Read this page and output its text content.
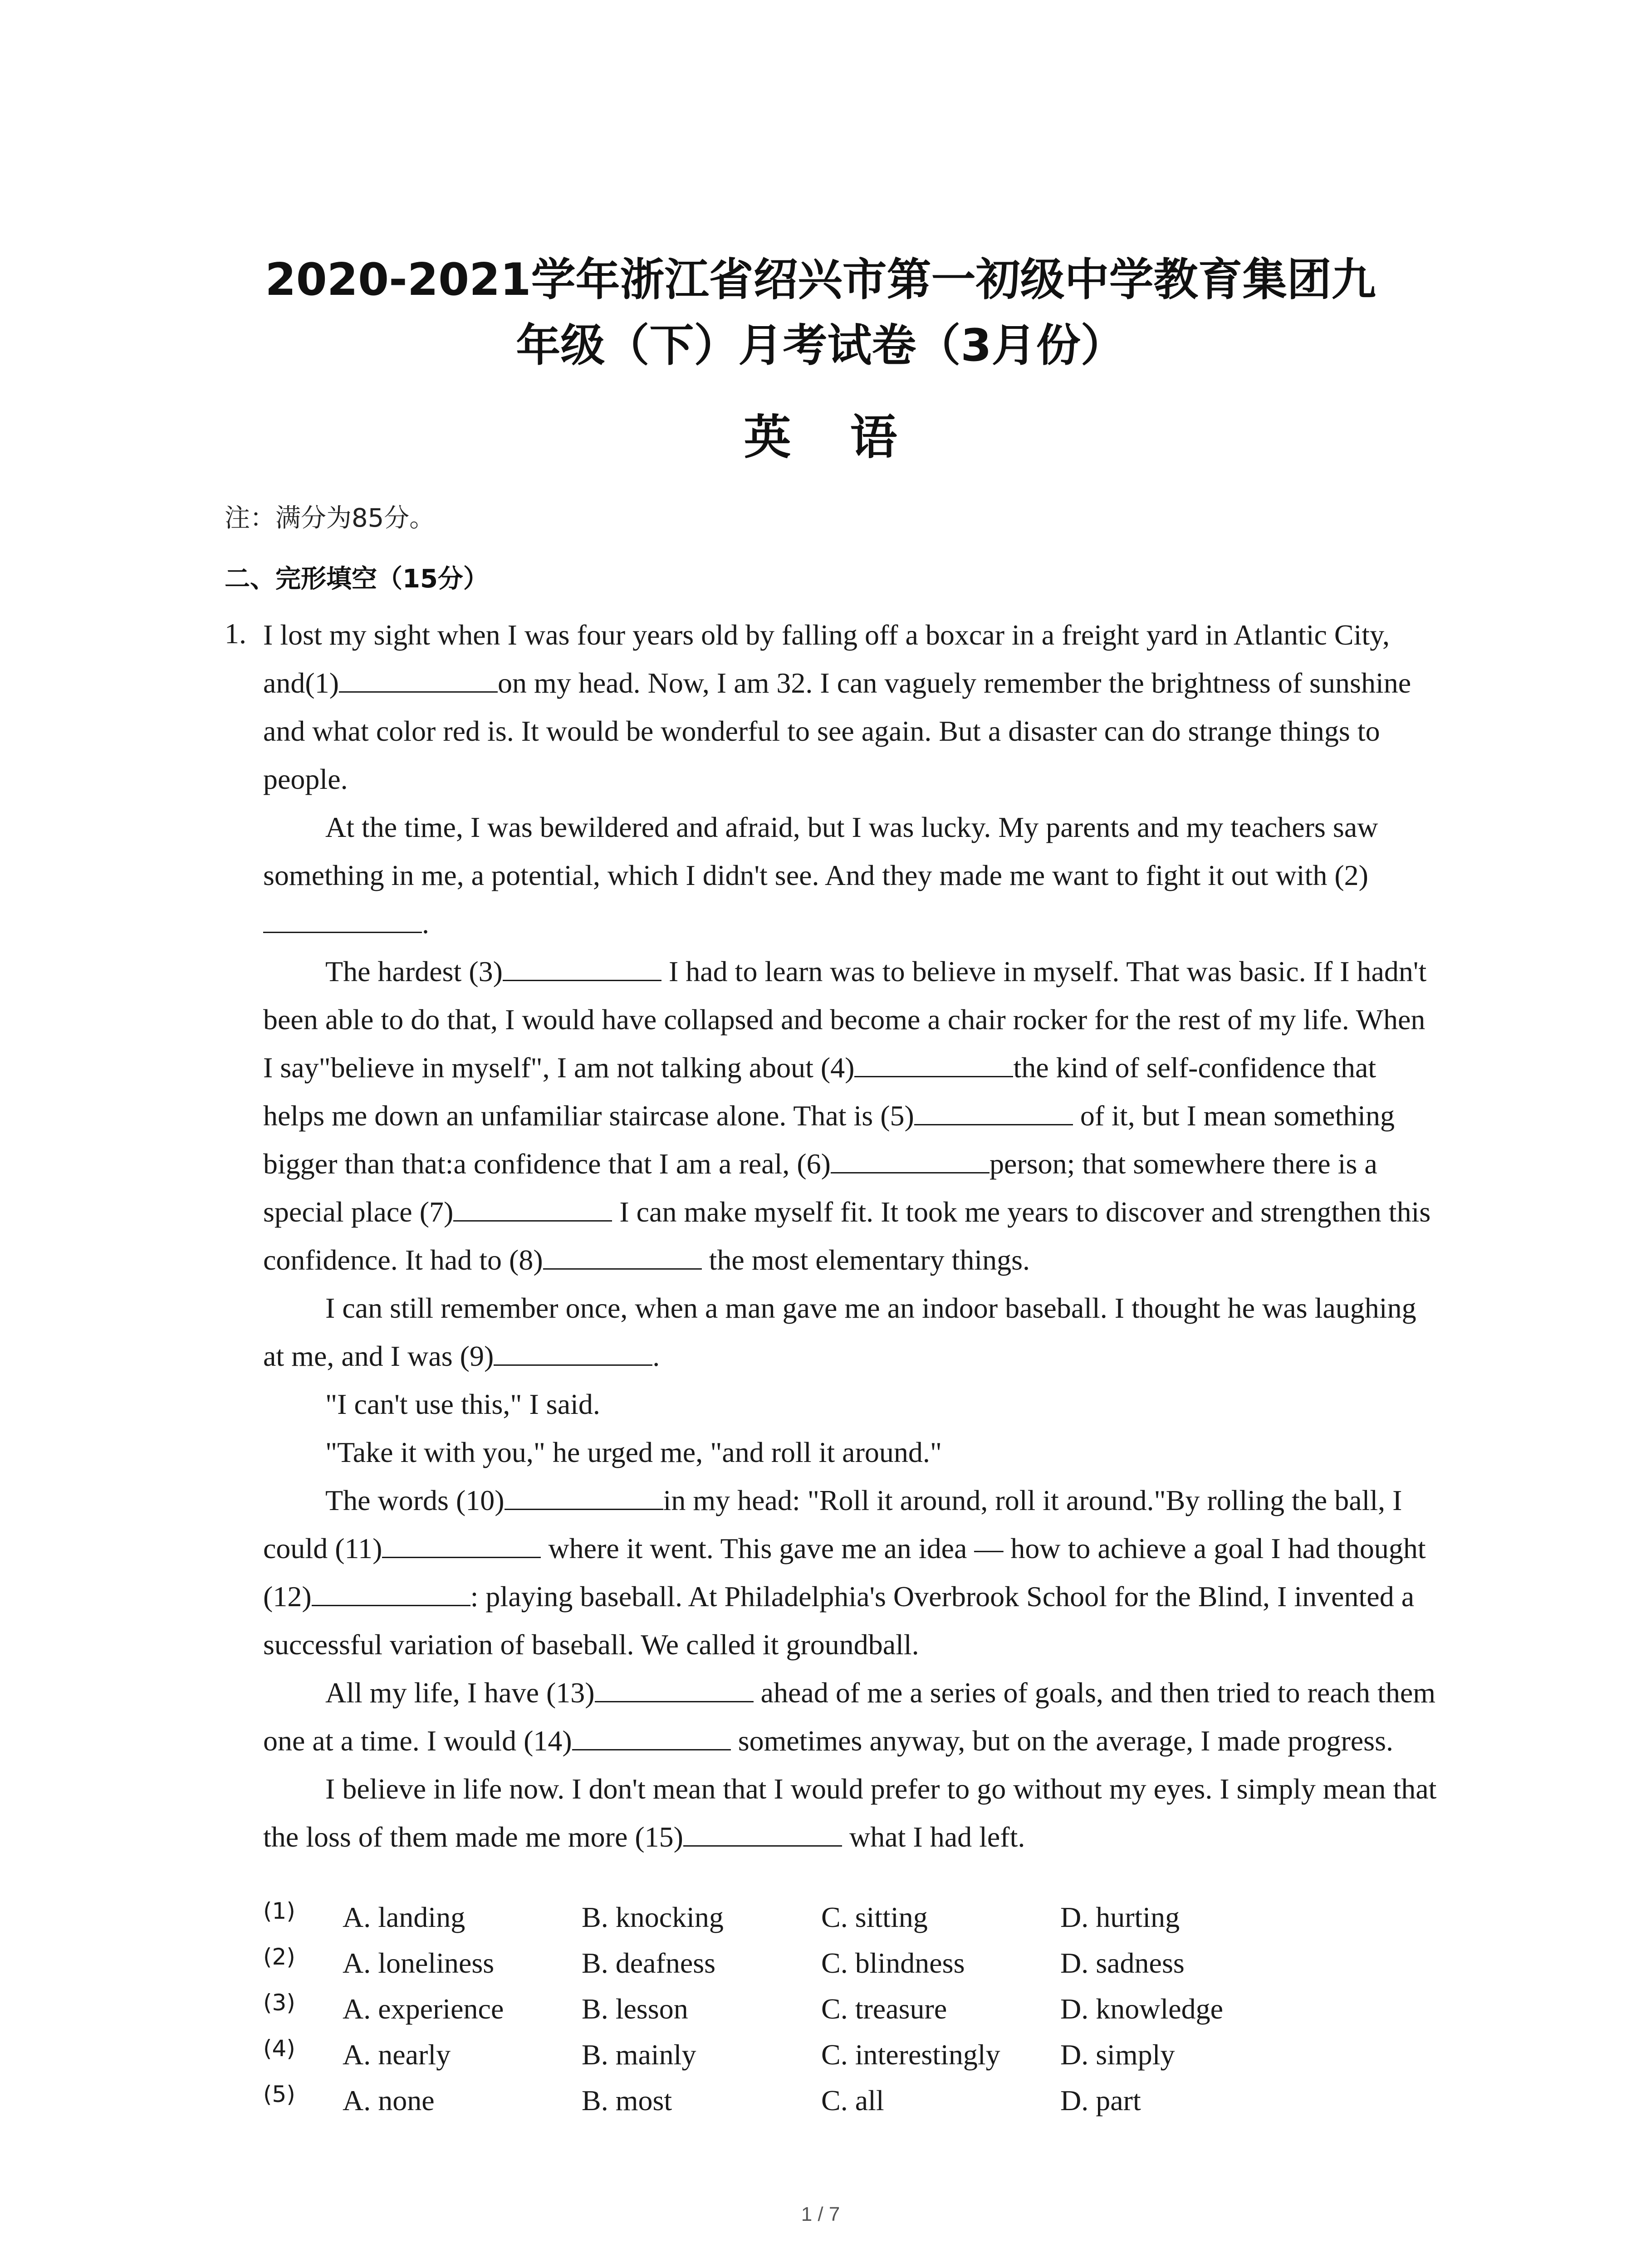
2020-2021学年浙江省绍兴市第一初级中学教育集团九
年级（下）月考试卷（3月份）
英语
注：满分为85分。
二、完形填空（15分）
1. I lost my sight when I was four years old by falling off a boxcar in a freight yard in Atlantic City, and(1)	on my head. Now, I am 32. I can vaguely remember the brightness of sunshine and what color red is. It would be wonderful to see again. But a disaster can do strange things to people.

At the time, I was bewildered and afraid, but I was lucky. My parents and my teachers saw something in me, a potential, which I didn't see. And they made me want to fight it out with (2).

The hardest (3)	I had to learn was to believe in myself. That was basic. If I hadn't been able to do that, I would have collapsed and become a chair rocker for the rest of my life. When I say"believe in myself", I am not talking about (4)	the kind of self-confidence that helps me down an unfamiliar staircase alone. That is (5)	of it, but I mean something bigger than that:a confidence that I am a real, (6)	person; that somewhere there is a special place (7)	I can make myself fit. It took me years to discover and strengthen this confidence. It had to (8)	the most elementary things.

I can still remember once, when a man gave me an indoor baseball. I thought he was laughing at me, and I was (9)	.

"I can't use this," I said.

"Take it with you," he urged me, "and roll it around."

The words (10)	in my head: "Roll it around, roll it around."By rolling the ball, I could (11)	where it went. This gave me an idea — how to achieve a goal I had thought (12)	: playing baseball. At Philadelphia's Overbrook School for the Blind, I invented a successful variation of baseball. We called it groundball.

All my life, I have (13)	ahead of me a series of goals, and then tried to reach them one at a time. I would (14)	sometimes anyway, but on the average, I made progress.

I believe in life now. I don't mean that I would prefer to go without my eyes. I simply mean that the loss of them made me more (15)	what I had left.

(1) A. landing	B. knocking	C. sitting	D. hurting
(2) A. loneliness	B. deafness	C. blindness	D. sadness
(3) A. experience	B. lesson	C. treasure	D. knowledge
(4) A. nearly	B. mainly	C. interestingly D. simply
(5) A. none	B. most	C. all	D. part
1 / 7
